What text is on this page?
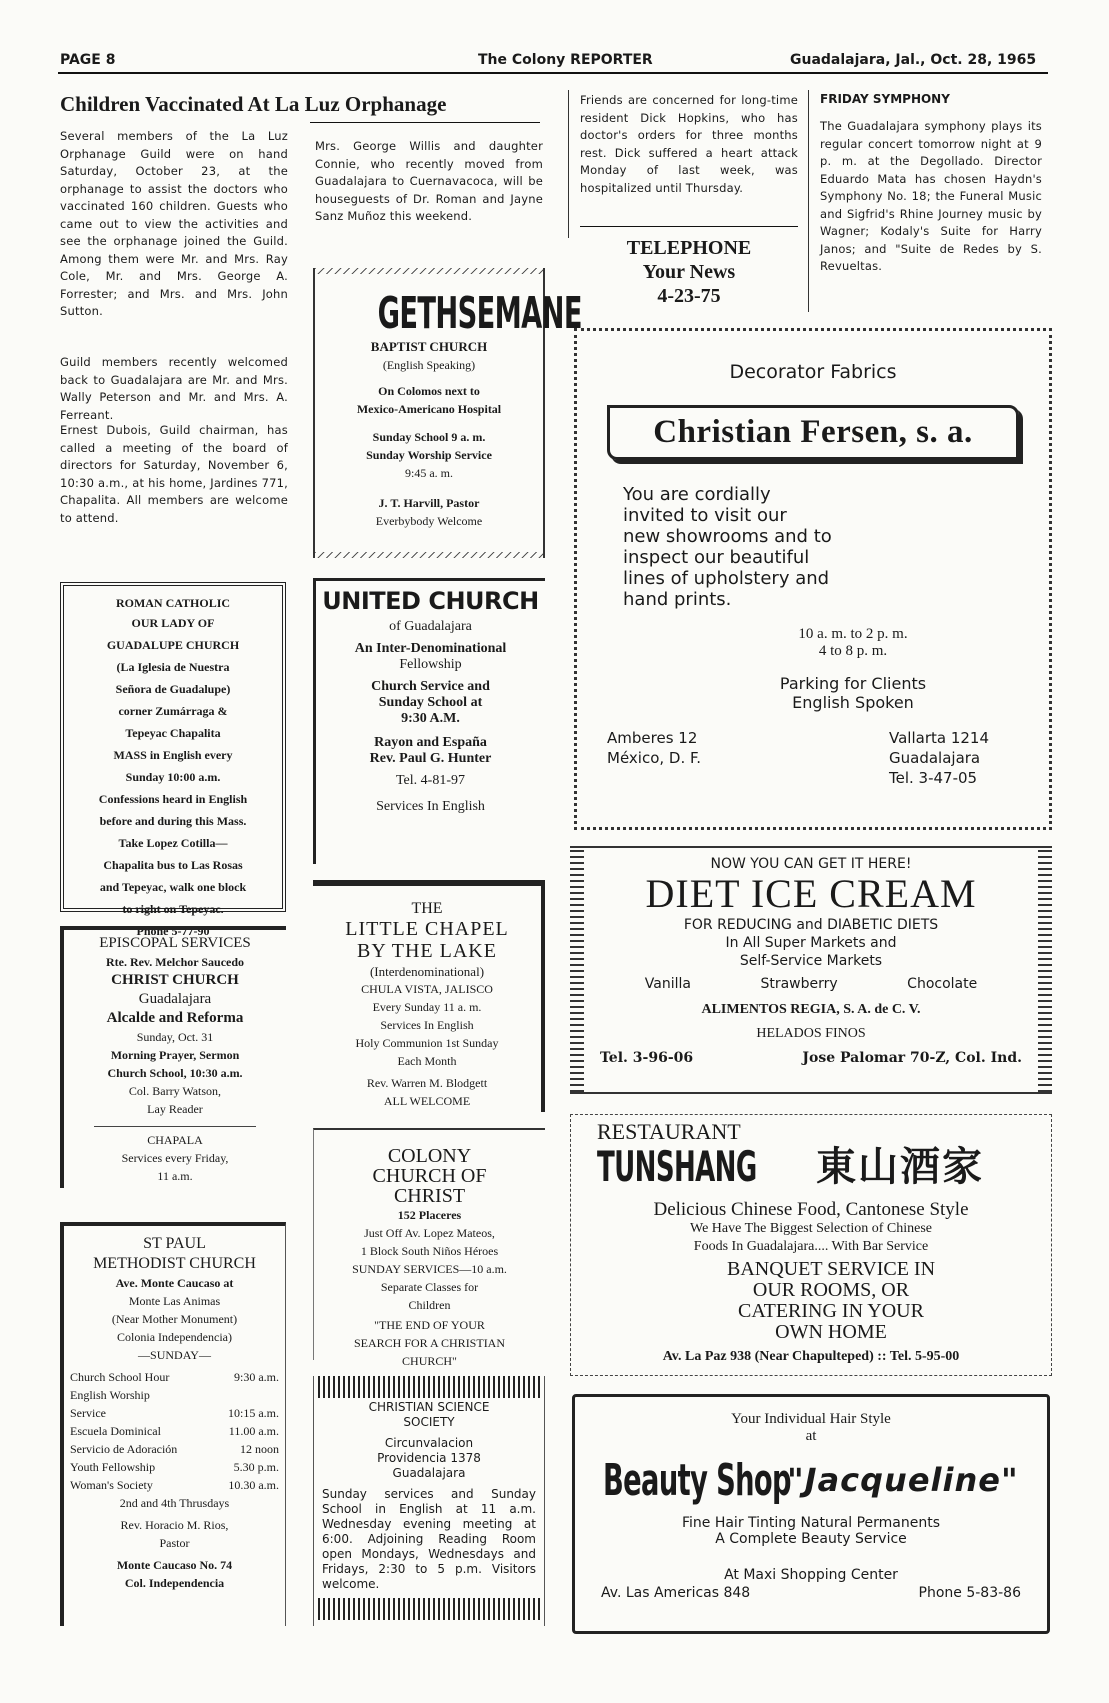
PAGE 8	The Colony REPORTER	Guadalajara, Jal., Oct. 28, 1965
Children Vaccinated At La Luz Orphanage
Several members of the La Luz Orphanage Guild were on hand Saturday, October 23, at the orphanage to assist the doctors who vaccinated 160 children. Guests who came out to view the activities and see the orphanage joined the Guild. Among them were Mr. and Mrs. Ray Cole, Mr. and Mrs. George A. Forrester; and Mrs. and Mrs. John Sutton.
Guild members recently welcomed back to Guadalajara are Mr. and Mrs. Wally Peterson and Mr. and Mrs. A. Ferreant.
Ernest Dubois, Guild chairman, has called a meeting of the board of directors for Saturday, November 6, 10:30 a.m., at his home, Jardines 771, Chapalita. All members are welcome to attend.
Mrs. George Willis and daughter Connie, who recently moved from Guadalajara to Cuernavacoca, will be houseguests of Dr. Roman and Jayne Sanz Muñoz this weekend.
GETHSEMANE
BAPTIST CHURCH
(English Speaking)
On Colomos next to
Mexico-Americano Hospital
Sunday School 9 a. m.
Sunday Worship Service
9:45 a. m.
J. T. Harvill, Pastor
Everbybody Welcome
UNITED CHURCH
of Guadalajara
An Inter-Denominational
Fellowship
Church Service and
Sunday School at
9:30 A.M.
Rayon and España
Rev. Paul G. Hunter
Tel. 4-81-97
Services In English
THE
LITTLE CHAPEL
BY THE LAKE
(Interdenominational)
CHULA VISTA, JALISCO
Every Sunday 11 a. m.
Services In English
Holy Communion 1st Sunday
Each Month
Rev. Warren M. Blodgett
ALL WELCOME
COLONY
CHURCH OF
CHRIST
152 Placeres
Just Off Av. Lopez Mateos,
1 Block South Niños Héroes
SUNDAY SERVICES—10 a.m.
Separate Classes for
Children
"THE END OF YOUR
SEARCH FOR A CHRISTIAN
CHURCH"
CHRISTIAN SCIENCE
SOCIETY
Circunvalacion
Providencia 1378
Guadalajara
Sunday services and Sunday School in English at 11 a.m. Wednesday evening meeting at 6:00. Adjoining Reading Room open Mondays, Wednesdays and Fridays, 2:30 to 5 p.m. Visitors welcome.
ROMAN CATHOLIC
OUR LADY OF
GUADALUPE CHURCH
(La Iglesia de Nuestra
Señora de Guadalupe)
corner Zumárraga &
Tepeyac Chapalita
MASS in English every
Sunday 10:00 a.m.
Confessions heard in English
before and during this Mass.
Take Lopez Cotilla—
Chapalita bus to Las Rosas
and Tepeyac, walk one block
to right on Tepeyac.
Phone 5-77-90
EPISCOPAL SERVICES
Rte. Rev. Melchor Saucedo
CHRIST CHURCH
Guadalajara
Alcalde and Reforma
Sunday, Oct. 31
Morning Prayer, Sermon
Church School, 10:30 a.m.
Col. Barry Watson,
Lay Reader
CHAPALA
Services every Friday,
11 a.m.
ST PAUL
METHODIST CHURCH
Ave. Monte Caucaso at
Monte Las Animas
(Near Mother Monument)
Colonia Independencia)
—SUNDAY—
Church School Hour	9:30 a.m.
English Worship
Service	10:15 a.m.
Escuela Dominical	11.00 a.m.
Servicio de Adoración	12 noon
Youth Fellowship	5.30 p.m.
Woman's Society	10.30 a.m.
2nd and 4th Thrusdays
Rev. Horacio M. Rios,
Pastor
Monte Caucaso No. 74
Col. Independencia
Friends are concerned for long-time resident Dick Hopkins, who has doctor's orders for three months rest. Dick suffered a heart attack Monday of last week, was hospitalized until Thursday.
TELEPHONE
Your News
4-23-75
FRIDAY SYMPHONY
The Guadalajara symphony plays its regular concert tomorrow night at 9 p. m. at the Degollado. Director Eduardo Mata has chosen Haydn's Symphony No. 18; the Funeral Music and Sigfrid's Rhine Journey music by Wagner; Kodaly's Suite for Harry Janos; and "Suite de Redes by S. Revueltas.
Decorator Fabrics
Christian Fersen, s. a.
You are cordially
invited to visit our
new showrooms and to
inspect our beautiful
lines of upholstery and
hand prints.
10 a. m. to 2 p. m.
4 to 8 p. m.
Parking for Clients
English Spoken
Amberes 12
México, D. F.
Vallarta 1214
Guadalajara
Tel. 3-47-05
NOW YOU CAN GET IT HERE!
DIET ICE CREAM
FOR REDUCING and DIABETIC DIETS
In All Super Markets and
Self-Service Markets
Vanilla	Strawberry	Chocolate
ALIMENTOS REGIA, S. A. de C. V.
HELADOS FINOS
Tel. 3-96-06	Jose Palomar 70-Z, Col. Ind.
RESTAURANT
TUNSHANG 東山酒家
Delicious Chinese Food, Cantonese Style
We Have The Biggest Selection of Chinese
Foods In Guadalajara.... With Bar Service
BANQUET SERVICE IN
OUR ROOMS, OR
CATERING IN YOUR
OWN HOME
Av. La Paz 938 (Near Chapulteped) :: Tel. 5-95-00
Your Individual Hair Style
at
Beauty Shop
"Jacqueline"
Fine Hair Tinting Natural Permanents
A Complete Beauty Service
At Maxi Shopping Center
Av. Las Americas 848	Phone 5-83-86
